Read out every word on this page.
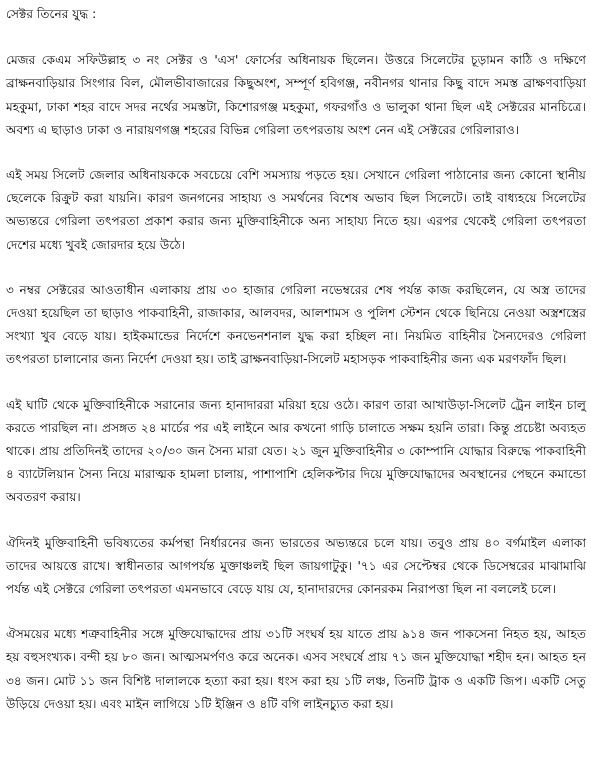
সেক্টর তিনের যুদ্ধ :

মেজর কেএম সফিউল্লাহ ৩ নং সেক্টর ও 'এস' ফোর্সের অধিনায়ক ছিলেন। উত্তরে সিলেটের চূড়ামন কাঠি ও দক্ষিণে ব্রাক্ষনবাড়িয়ার সিংগার বিল, মৌলভীবাজারের কিছুঅংশ, সম্পূর্ণ হবিগঞ্জ, নবীনগর থানার কিছু বাদে সমস্ত ব্রাক্ষণবাড়িয়া মহকুমা, ঢাকা শহর বাদে সদর নর্থের সমস্তটা, কিশোরগঞ্জ মহকুমা, গফরগাঁও ও ভালুকা থানা ছিল এই সেক্টরের মানচিত্রে। অবশ্য এ ছাড়াও ঢাকা ও নারায়ণগঞ্জ শহরের বিভিন্ন গেরিলা তৎপরতায় অংশ নেন এই সেক্টরের গেরিলারাও।

এই সময় সিলেট জেলার অধিনায়ককে সবচেয়ে বেশি সমস্যায় পড়তে হয়। সেখানে গেরিলা পাঠানোর জন্য কোনো স্থানীয় ছেলেকে রিক্রুট করা যায়নি। কারণ জনগনের সাহায্য ও সমর্থনের বিশেষ অভাব ছিল সিলেটে। তাই বাধ্যহয়ে সিলেটের অভ্যন্তরে গেরিলা তৎপরতা প্রকাশ করার জন্য মুক্তিবাহিনীকে অন্য সাহায্য নিতে হয়। এরপর থেকেই গেরিলা তৎপরতা দেশের মধ্যে খুবই জোরদার হয়ে উঠে।

৩ নম্বর সেক্টরের আওতাধীন এলাকায় প্রায় ৩০ হাজার গেরিলা নভেম্বরের শেষ পর্যন্ত কাজ করছিলেন, যে অস্ত্র তাদের দেওয়া হয়েছিল তা ছাড়াও পাকবাহিনী, রাজাকার, আলবদর, আলশামস ও পুলিশ স্টেশন থেকে ছিনিয়ে নেওয়া অস্ত্রশস্ত্রের সংখ্যা খুব বেড়ে যায়। হাইকমান্ডের নির্দেশে কনভেনশনাল যুদ্ধ করা হচ্ছিল না। নিয়মিত বাহিনীর সৈন্যদেরও গেরিলা তৎপরতা চালানোর জন্য নির্দেশ দেওয়া হয়। তাই ব্রাক্ষনবাড়িয়া-সিলেট মহাসড়ক পাকবাহিনীর জন্য এক মরণফাঁদ ছিল।

এই ঘাটি থেকে মুক্তিবাহিনীকে সরানোর জন্য হানাদাররা মরিয়া হয়ে ওঠে। কারণ তারা আখাউড়া-সিলেট ট্রেন লাইন চালু করতে পারছিল না। প্রসঙ্গত ২৪ মার্চের পর এই লাইনে আর কখনো গাড়ি চালাতে সক্ষম হয়নি তারা। কিন্তু প্রচেষ্টা অব্যহত থাকে। প্রায় প্রতিদিনই তাদের ২০/৩০ জন সৈন্য মারা যেত। ২১ জুন মুক্তিবাহিনীর ৩ কোম্পানি যোদ্ধার বিরুদ্ধে পাকবাহিনী ৪ ব্যাটেলিয়ান সৈন্য নিয়ে মারাত্মক হামলা চালায়, পাশাপাশি হেলিকপ্টার দিয়ে মুক্তিযোদ্ধাদের অবস্থানের পেছনে কমান্ডো অবতরণ করায়।

ঐদিনই মুক্তিবাহিনী ভবিষ্যতের কর্মপন্থা নির্ধারনের জন্য ভারতের অভ্যন্তরে চলে যায়। তবুও প্রায় ৪০ বর্গমাইল এলাকা তাদের আয়ত্তে রাখে। স্বাধীনতার আগপর্যন্ত মুক্তাঞ্চলই ছিল জায়গাটুকু। '৭১ এর সেপ্টেম্বর থেকে ডিসেম্বরের মাঝামাঝি পর্যন্ত এই সেক্টরে গেরিলা তৎপরতা এমনভাবে বেড়ে যায় যে, হানাদারদের কোনরকম নিরাপত্তা ছিল না বললেই চলে।

ঐসময়ের মধ্যে শত্রুবাহিনীর সঙ্গে মুক্তিযোদ্ধাদের প্রায় ৩১টি সংঘর্ষ হয় যাতে প্রায় ৯১৪ জন পাকসেনা নিহত হয়, আহত হয় বহুসংখ্যক। বন্দী হয় ৮০ জন। আত্মসমর্পণও করে অনেক। এসব সংঘর্ষে প্রায় ৭১ জন মুক্তিযোদ্ধা শহীদ হন। আহত হন ৩৪ জন। মোট ১১ জন বিশিষ্ট দালালকে হত্যা করা হয়। ধংস করা হয় ১টি লঞ্চ, তিনটি ট্রাক ও একটি জিপ। একটি সেতু উড়িয়ে দেওয়া হয়। এবং মাইন লাগিয়ে ১টি ইঞ্জিন ও ৪টি বগি লাইনচ্যুত করা হয়।
